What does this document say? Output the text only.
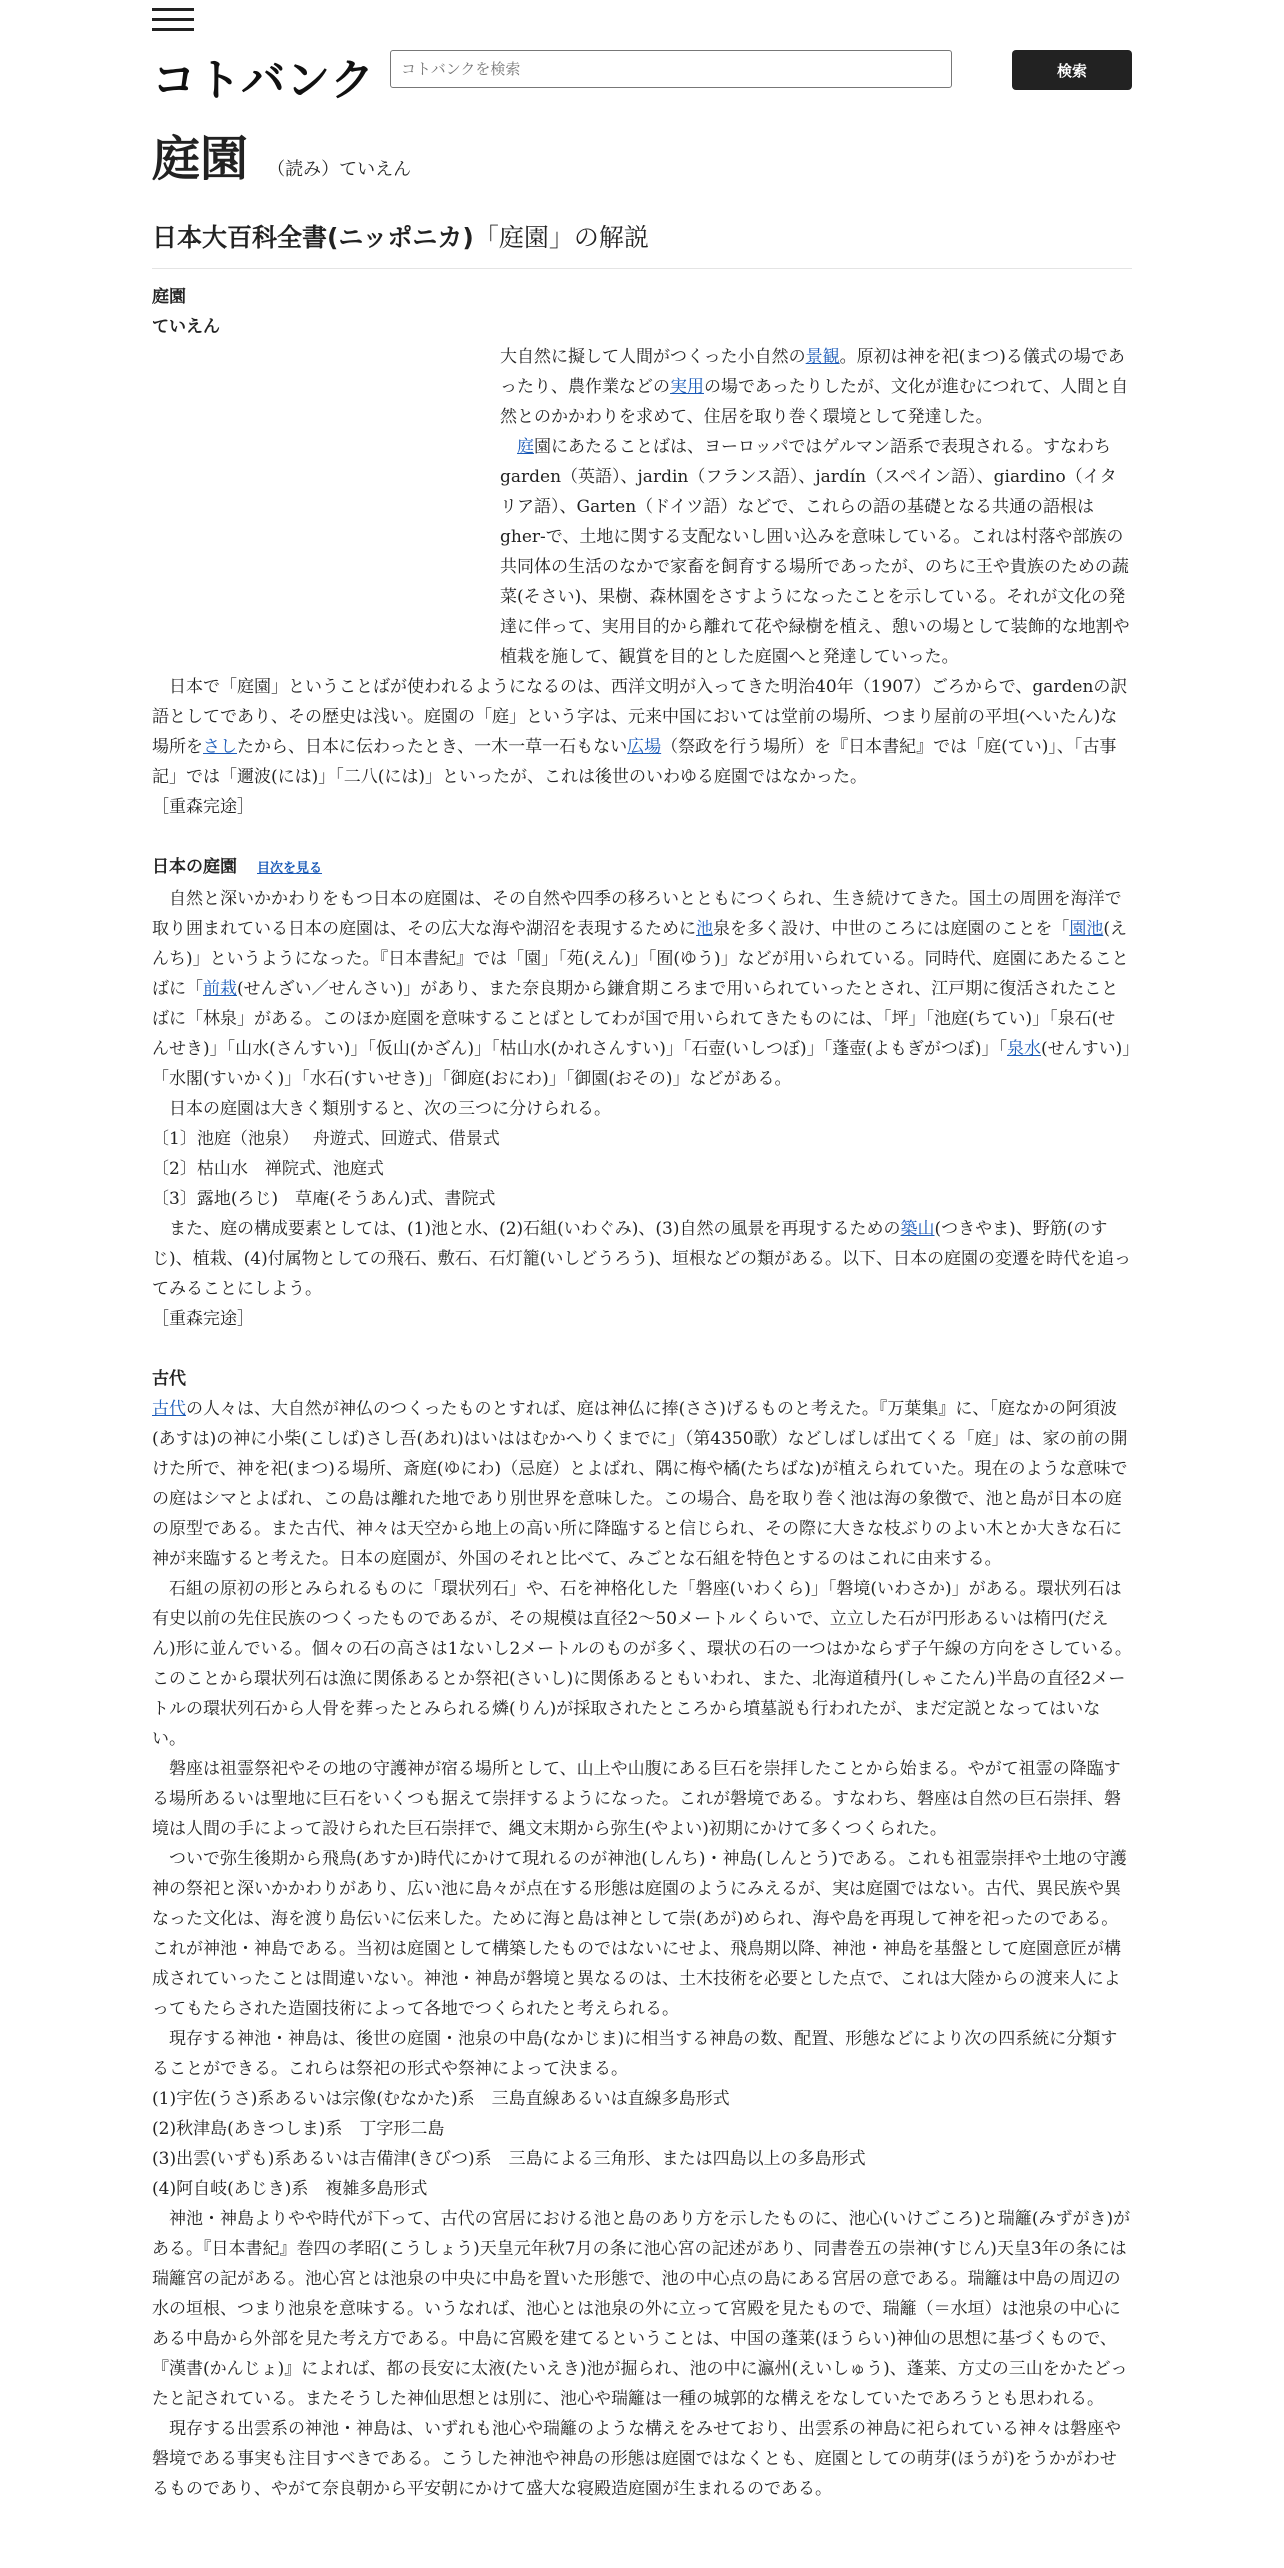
コトバンク
コトバンクを検索	検索
庭園 （読み）ていえん
日本大百科全書(ニッポニカ)「庭園」の解説
庭園
ていえん

大自然に擬して人間がつくった小自然の景観。原初は神を祀(まつ)る儀式の場であったり、農作業などの実用の場であったりしたが、文化が進むにつれて、人間と自然とのかかわりを求めて、住居を取り巻く環境として発達した。

庭園にあたることばは、ヨーロッパではゲルマン語系で表現される。すなわちgarden（英語）、jardin（フランス語）、jardín（スペイン語）、giardino（イタリア語）、Garten（ドイツ語）などで、これらの語の基礎となる共通の語根はgher-で、土地に関する支配ないし囲い込みを意味している。これは村落や部族の共同体の生活のなかで家畜を飼育する場所であったが、のちに王や貴族のための蔬菜(そさい)、果樹、森林園をさすようになったことを示している。それが文化の発達に伴って、実用目的から離れて花や緑樹を植え、憩いの場として装飾的な地割や植栽を施して、観賞を目的とした庭園へと発達していった。

日本で「庭園」ということばが使われるようになるのは、西洋文明が入ってきた明治40年（1907）ごろからで、gardenの訳語としてであり、その歴史は浅い。庭園の「庭」という字は、元来中国においては堂前の場所、つまり屋前の平坦(へいたん)な場所をさしたから、日本に伝わったとき、一木一草一石もない広場（祭政を行う場所）を『日本書紀』では「庭(てい)」、「古事記」では「邇波(には)」「二八(には)」といったが、これは後世のいわゆる庭園ではなかった。

［重森完途］

日本の庭園 目次を見る

自然と深いかかわりをもつ日本の庭園は、その自然や四季の移ろいとともにつくられ、生き続けてきた。国土の周囲を海洋で取り囲まれている日本の庭園は、その広大な海や湖沼を表現するために池泉を多く設け、中世のころには庭園のことを「園池(えんち)」というようになった。『日本書紀』では「園」「苑(えん)」「囿(ゆう)」などが用いられている。同時代、庭園にあたることばに「前栽(せんざい／せんさい)」があり、また奈良期から鎌倉期ころまで用いられていったとされ、江戸期に復活されたことばに「林泉」がある。このほか庭園を意味することばとしてわが国で用いられてきたものには、「坪」「池庭(ちてい)」「泉石(せんせき)」「山水(さんすい)」「仮山(かざん)」「枯山水(かれさんすい)」「石壺(いしつぼ)」「蓬壺(よもぎがつぼ)」「泉水(せんすい)」「水閣(すいかく)」「水石(すいせき)」「御庭(おにわ)」「御園(おその)」などがある。

日本の庭園は大きく類別すると、次の三つに分けられる。

〔1〕池庭（池泉）　 舟遊式、回遊式、借景式

〔2〕枯山水　禅院式、池庭式

〔3〕露地(ろじ)　草庵(そうあん)式、書院式

また、庭の構成要素としては、(1)池と水、(2)石組(いわぐみ)、(3)自然の風景を再現するための築山(つきやま)、野筋(のすじ)、植栽、(4)付属物としての飛石、敷石、石灯籠(いしどうろう)、垣根などの類がある。以下、日本の庭園の変遷を時代を追ってみることにしよう。

［重森完途］

古代

古代の人々は、大自然が神仏のつくったものとすれば、庭は神仏に捧(ささ)げるものと考えた。『万葉集』に、「庭なかの阿須波(あすは)の神に小柴(こしば)さし吾(あれ)はいははむかへりくまでに」（第4350歌）などしばしば出てくる「庭」は、家の前の開けた所で、神を祀(まつ)る場所、斎庭(ゆにわ)（忌庭）とよばれ、隅に梅や橘(たちばな)が植えられていた。現在のような意味での庭はシマとよばれ、この島は離れた地であり別世界を意味した。この場合、島を取り巻く池は海の象徴で、池と島が日本の庭の原型である。また古代、神々は天空から地上の高い所に降臨すると信じられ、その際に大きな枝ぶりのよい木とか大きな石に神が来臨すると考えた。日本の庭園が、外国のそれと比べて、みごとな石組を特色とするのはこれに由来する。

石組の原初の形とみられるものに「環状列石」や、石を神格化した「磐座(いわくら)」「磐境(いわさか)」がある。環状列石は有史以前の先住民族のつくったものであるが、その規模は直径2～50メートルくらいで、立立した石が円形あるいは楕円(だえん)形に並んでいる。個々の石の高さは1ないし2メートルのものが多く、環状の石の一つはかならず子午線の方向をさしている。このことから環状列石は漁に関係あるとか祭祀(さいし)に関係あるともいわれ、また、北海道積丹(しゃこたん)半島の直径2メートルの環状列石から人骨を葬ったとみられる燐(りん)が採取されたところから墳墓説も行われたが、まだ定説となってはいない。

磐座は祖霊祭祀やその地の守護神が宿る場所として、山上や山腹にある巨石を崇拝したことから始まる。やがて祖霊の降臨する場所あるいは聖地に巨石をいくつも据えて崇拝するようになった。これが磐境である。すなわち、磐座は自然の巨石崇拝、磐境は人間の手によって設けられた巨石崇拝で、縄文末期から弥生(やよい)初期にかけて多くつくられた。

ついで弥生後期から飛鳥(あすか)時代にかけて現れるのが神池(しんち)・神島(しんとう)である。これも祖霊崇拝や土地の守護神の祭祀と深いかかわりがあり、広い池に島々が点在する形態は庭園のようにみえるが、実は庭園ではない。古代、異民族や異なった文化は、海を渡り島伝いに伝来した。ために海と島は神として崇(あが)められ、海や島を再現して神を祀ったのである。これが神池・神島である。当初は庭園として構築したものではないにせよ、飛鳥期以降、神池・神島を基盤として庭園意匠が構成されていったことは間違いない。神池・神島が磐境と異なるのは、土木技術を必要とした点で、これは大陸からの渡来人によってもたらされた造園技術によって各地でつくられたと考えられる。

現存する神池・神島は、後世の庭園・池泉の中島(なかじま)に相当する神島の数、配置、形態などにより次の四系統に分類することができる。これらは祭祀の形式や祭神によって決まる。

(1)宇佐(うさ)系あるいは宗像(むなかた)系　三島直線あるいは直線多島形式

(2)秋津島(あきつしま)系　丁字形二島

(3)出雲(いずも)系あるいは吉備津(きびつ)系　三島による三角形、または四島以上の多島形式

(4)阿自岐(あじき)系　複雑多島形式

神池・神島よりやや時代が下って、古代の宮居における池と島のあり方を示したものに、池心(いけごころ)と瑞籬(みずがき)がある。『日本書紀』巻四の孝昭(こうしょう)天皇元年秋7月の条に池心宮の記述があり、同書巻五の崇神(すじん)天皇3年の条には瑞籬宮の記がある。池心宮とは池泉の中央に中島を置いた形態で、池の中心点の島にある宮居の意である。瑞籬は中島の周辺の水の垣根、つまり池泉を意味する。いうなれば、池心とは池泉の外に立って宮殿を見たもので、瑞籬（＝水垣）は池泉の中心にある中島から外部を見た考え方である。中島に宮殿を建てるということは、中国の蓬莱(ほうらい)神仙の思想に基づくもので、『漢書(かんじょ)』によれば、都の長安に太液(たいえき)池が掘られ、池の中に瀛州(えいしゅう)、蓬莱、方丈の三山をかたどったと記されている。またそうした神仙思想とは別に、池心や瑞籬は一種の城郭的な構えをなしていたであろうとも思われる。

現存する出雲系の神池・神島は、いずれも池心や瑞籬のような構えをみせており、出雲系の神島に祀られている神々は磐座や磐境である事実も注目すべきである。こうした神池や神島の形態は庭園ではなくとも、庭園としての萌芽(ほうが)をうかがわせるものであり、やがて奈良朝から平安朝にかけて盛大な寝殿造庭園が生まれるのである。
